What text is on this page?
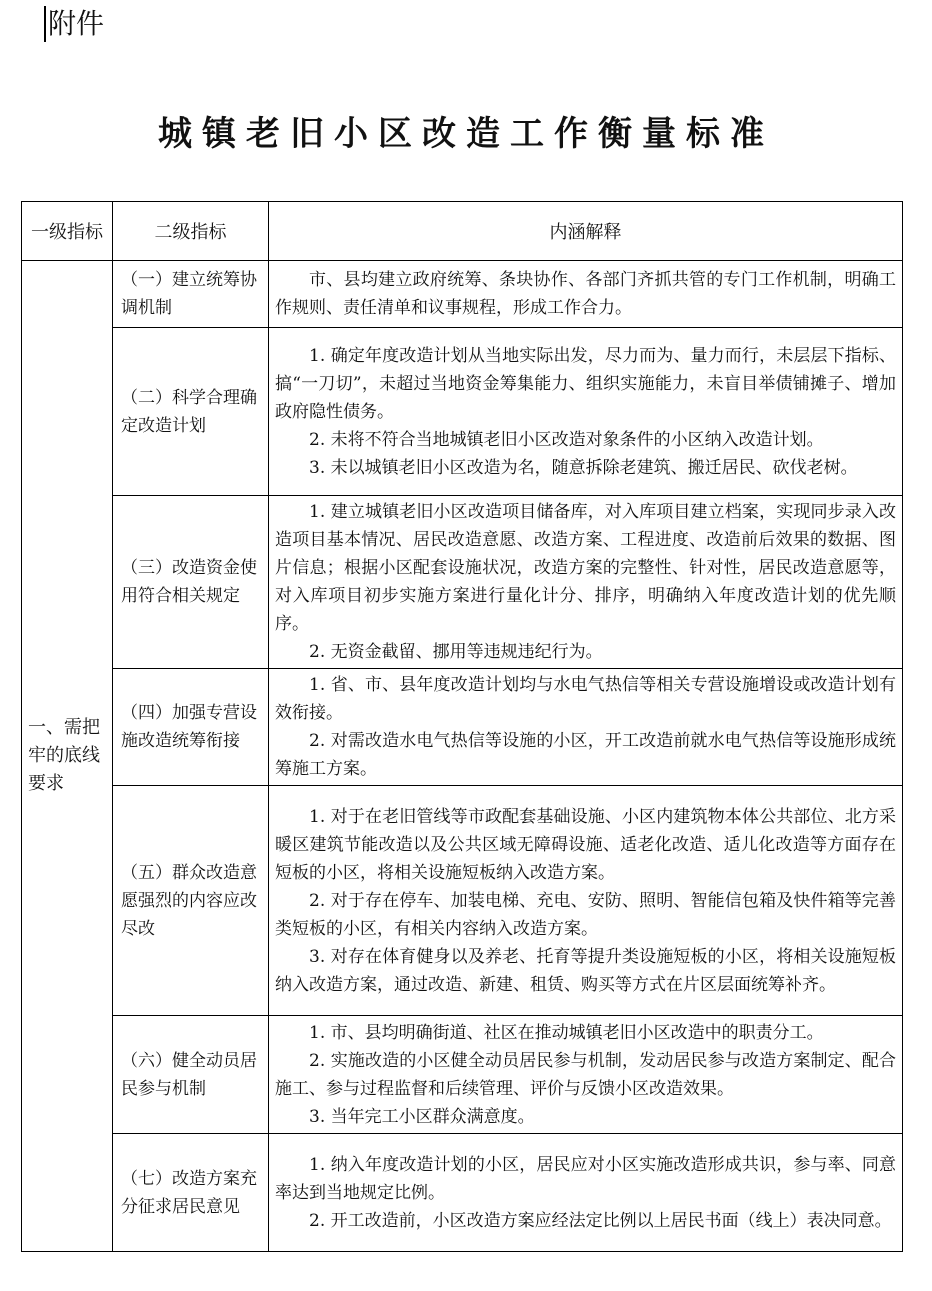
附件
城镇老旧小区改造工作衡量标准
一级指标	二级指标	内涵解释
一、需把牢的底线要求	（一）建立统筹协调机制	市、县均建立政府统筹、条块协作、各部门齐抓共管的专门工作机制，明确工作规则、责任清单和议事规程，形成工作合力。

	（二）科学合理确定改造计划	1. 确定年度改造计划从当地实际出发，尽力而为、量力而行，未层层下指标、搞“一刀切”，未超过当地资金筹集能力、组织实施能力，未盲目举债铺摊子、增加政府隐性债务。

2. 未将不符合当地城镇老旧小区改造对象条件的小区纳入改造计划。

3. 未以城镇老旧小区改造为名，随意拆除老建筑、搬迁居民、砍伐老树。

	（三）改造资金使用符合相关规定	1. 建立城镇老旧小区改造项目储备库，对入库项目建立档案，实现同步录入改造项目基本情况、居民改造意愿、改造方案、工程进度、改造前后效果的数据、图片信息；根据小区配套设施状况，改造方案的完整性、针对性，居民改造意愿等，对入库项目初步实施方案进行量化计分、排序，明确纳入年度改造计划的优先顺序。

2. 无资金截留、挪用等违规违纪行为。

	（四）加强专营设施改造统筹衔接	1. 省、市、县年度改造计划均与水电气热信等相关专营设施增设或改造计划有效衔接。

2. 对需改造水电气热信等设施的小区，开工改造前就水电气热信等设施形成统筹施工方案。

	（五）群众改造意愿强烈的内容应改尽改	1. 对于在老旧管线等市政配套基础设施、小区内建筑物本体公共部位、北方采暖区建筑节能改造以及公共区域无障碍设施、适老化改造、适儿化改造等方面存在短板的小区，将相关设施短板纳入改造方案。

2. 对于存在停车、加装电梯、充电、安防、照明、智能信包箱及快件箱等完善类短板的小区，有相关内容纳入改造方案。

3. 对存在体育健身以及养老、托育等提升类设施短板的小区，将相关设施短板纳入改造方案，通过改造、新建、租赁、购买等方式在片区层面统筹补齐。

	（六）健全动员居民参与机制	1. 市、县均明确街道、社区在推动城镇老旧小区改造中的职责分工。

2. 实施改造的小区健全动员居民参与机制，发动居民参与改造方案制定、配合施工、参与过程监督和后续管理、评价与反馈小区改造效果。

3. 当年完工小区群众满意度。

	（七）改造方案充分征求居民意见	1. 纳入年度改造计划的小区，居民应对小区实施改造形成共识，参与率、同意率达到当地规定比例。

2. 开工改造前，小区改造方案应经法定比例以上居民书面（线上）表决同意。
